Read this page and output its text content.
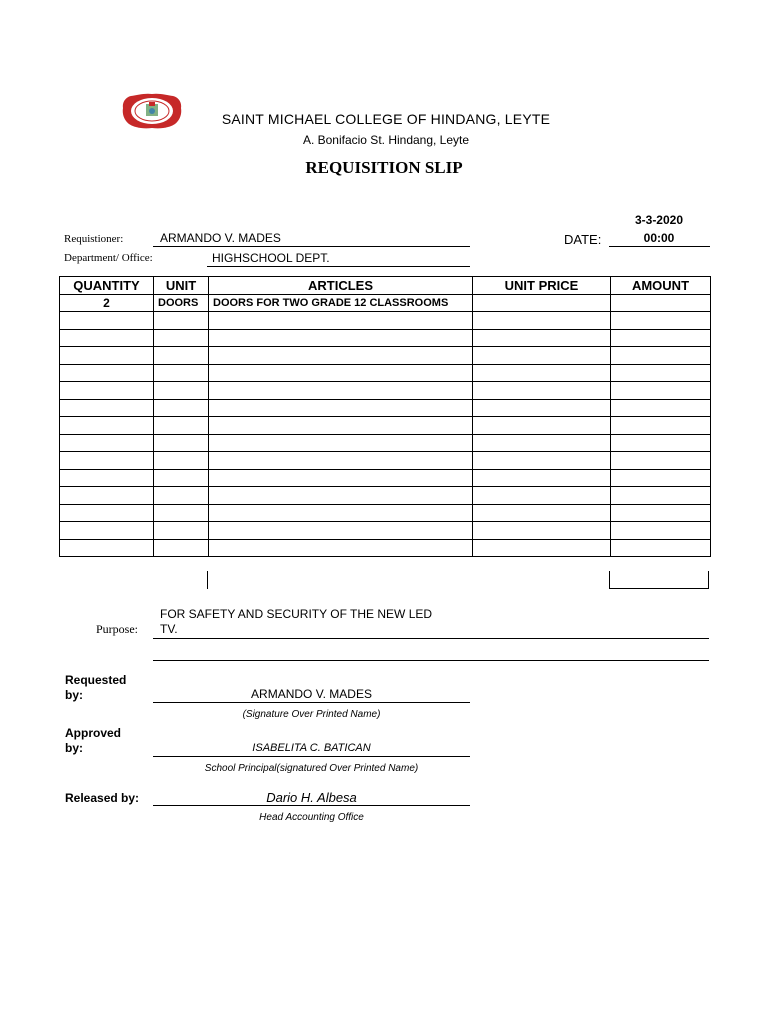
SAINT MICHAEL COLLEGE OF HINDANG, LEYTE
A. Bonifacio St. Hindang, Leyte
REQUISITION SLIP
Requistioner:	ARMANDO V. MADES
Department/ Office:	HIGHSCHOOL DEPT.
DATE:
3-3-2020
00:00
QUANTITY	UNIT	ARTICLES	UNIT PRICE	AMOUNT
2	DOORS	DOORS FOR TWO GRADE 12 CLASSROOMS		

Purpose:
FOR SAFETY AND SECURITY OF THE NEW LED
TV.
Requested
by:	ARMANDO V. MADES
(Signature Over Printed Name)
Approved
by:	ISABELITA C. BATICAN
School Principal(signatured Over Printed Name)
Released by:	Dario H. Albesa
Head Accounting Office
